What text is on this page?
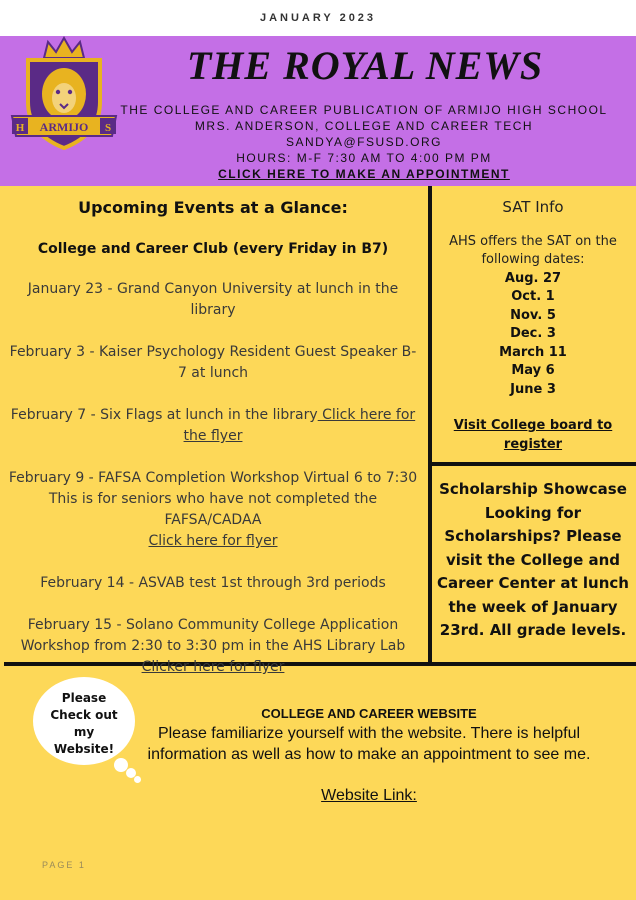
JANUARY 2023
H	S
ARMIJO
THE ROYAL NEWS
THE COLLEGE AND CAREER PUBLICATION OF ARMIJO HIGH SCHOOL
MRS. ANDERSON, COLLEGE AND CAREER TECH
SANDYA@FSUSD.ORG
HOURS: M-F 7:30 AM TO 4:00 PM PM
CLICK HERE TO MAKE AN APPOINTMENT
Upcoming Events at a Glance:
College and Career Club (every Friday in B7)
January 23 - Grand Canyon University at lunch in the library
February 3 - Kaiser Psychology Resident Guest Speaker B-7 at lunch
February 7 - Six Flags at lunch in the library Click here for the flyer
February 9 - FAFSA Completion Workshop Virtual 6 to 7:30 This is for seniors who have not completed the FAFSA/CADAA
Click here for flyer
February 14 - ASVAB test 1st through 3rd periods
February 15 - Solano Community College Application Workshop from 2:30 to 3:30 pm in the AHS Library Lab
Clicker here for flyer
SAT Info
AHS offers the SAT on the following dates:
Aug. 27
Oct. 1
Nov. 5
Dec. 3
March 11
May 6
June 3
Visit College board to register
Scholarship Showcase Looking for Scholarships? Please visit the College and Career Center at lunch the week of January 23rd. All grade levels.
Please
Check out
my
Website!
COLLEGE AND CAREER WEBSITE
Please familiarize yourself with the website. There is helpful information as well as how to make an appointment to see me.
Website Link:
PAGE 1
